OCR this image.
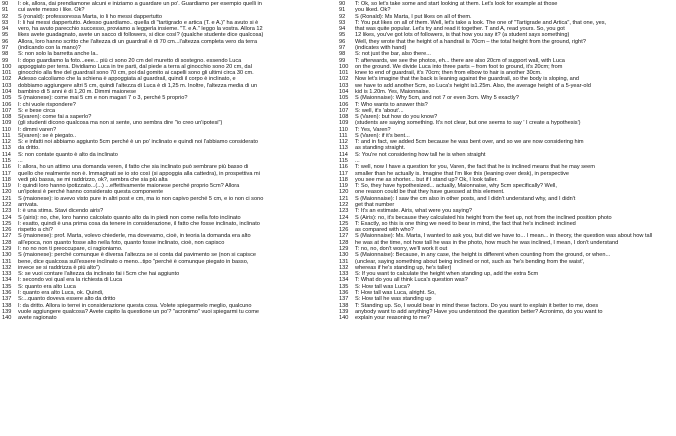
90	I: ok, allora, dai prendiamone alcuni e iniziamo a guardare un po'. Guardiamo per esempio quelli in
91	cui avete messo i like. Ok?
92	S (ronald): professoressa Marta, io li ho messi dappertutto
93	I: li hai messi dappertutto. Adesso guardiamo.. quella di "tartigrado e artica (T. e A.)" ha avuto si è
94	vero, ha avuto parecchio successo, proviamo a leggerla insieme. "T. e A." leggo la vostra. Allora 12
95	likes avete guadagnato, avete un sacco di followers, si dice così? (qualche studente dice qualcosa)
96	Allora, loro hanno scritto che l'altezza di un guardrail è di 70 cm...l'altezza completa vero da terra
97	(indicando con la mano)?
98	S: non solo la barretta anche la..
99	I: dopo guardiamo la foto...eee... più ci sono 20 cm del muretto di sostegno. essendo Luca
100	appoggiato per terra. Dividiamo Luca in tre parti, dal piede a terra al ginocchio sono 20 cm, dal
101	ginocchio alla fine del guardrail sono 70 cm, poi dal gomito ai capelli sono gli ultimi circa 30 cm.
102	Adesso calcoliamo che la schiena è appoggiata al guardrail, quindi il corpo è inclinato, e
103	dobbiamo aggiungere altri 5 cm, quindi l'altezza di Luca è di 1,25 m. Inoltre, l'altezza media di un
104	bambino di 5 anni è di 1,20 m. Dimmi maionese
105	S (maionese): come mai 5 cm e non magari 7 o 3, perché 5 proprio?
106	I: chi vuole rispondere?
107	S: e bese circa
108	S(varen): come fai a saperlo?
109	(gli studenti dicono qualcosa ma non si sente, uno sembra dire "io creo un'ipotesi")
110	I: dimmi varen?
111	S(varen): se è piegato..
112	S: e infatti noi abbiamo aggiunto 5cm perché è un po' inclinato e quindi noi l'abbiamo considerato
113	da dritto.
114	S: non contate quanto è alto da inclinato
115	...
116	I: allora, ho un attimo una domanda veren, il fatto che sia inclinato può sembrare più basso di
117	quello che realmente non è. Immaginati se io sto così (si appoggia alla cattedra), in prospettiva mi
118	vedi più bassa, se mi raddrizzo, ok?, sembra che sia più alta
119	I: quindi loro hanno ipotizzato...(...) ...effettivamente maionese perché proprio 5cm? Allora
120	un'ipotesi è perché hanno considerato questa componente
121	S (maionese): io avevo visto pure in altri post e cm, ma io non capivo perché 5 cm, e io non ci sono
122	arrivata.
123	I: è una stima. Stavi dicendo airis?
124	S (airis): no, che, loro hanno calcolato quanto alto da in piedi non come nella foto inclinato
125	I: esatto, quindi è una prima cosa da tenere in considerazione, il fatto che fosse inclinato, inclinato
126	rispetto a chi?
127	S (maionese): prof. Marta, volevo chiederle, ma dovevamo, cioè, in teoria la domanda era alto
128	all'epoca, non quanto fosse alto nella foto, quanto fosse inclinato, cioè, non capisco
129	I: no no non ti preoccupare, ci ragioniamo.
130	S (maionese): perché comunque è diversa l'altezza se si conta dal pavimento se (non si capisce
131	bene, dice qualcosa sull'essere inclinato o meno...tipo "perché è comunque piegato in basso,
132	invece se si raddrizza è più alto")
133	S: se vuoi contare l'altezza da inclinato fai i 5cm che hai aggiunto
134	I: secondo voi qual era la richiesta di Luca
135	S: quanto era alto Luca
136	I: quanto era alto Luca, ok. Quindi,
137	S:...quanto doveva essere alto da dritto
138	I: da dritto. Allora io terrei in considerazione questa cosa. Volete spiegarmelo meglio, qualcuno
139	vuole aggiungere qualcosa? Avete capito la questione un po'? "acronimo" vuoi spiegarmi tu come
140	avete ragionato
90	T: Ok, so let's take some and start looking at them. Let's look for example at those
91	you liked. Ok?
92	S (Ronald): Ms Marta, I put likes on all of them.
93	T: You put likes on all of them. Well, let's take a look. The one of "Tartigrade and Artica", that one, yes,
94	that was quite popular. Let's try and read it together. T and A, read yours. So, you got
95	12 likes, you've got lots of followers, is that how you say it? (a student says something)
96	Well, they wrote that the height of a handrail is 70cm – the total height from the ground, right?
97	(indicates with hand)
98	S: not just the bar, also there...
99	T: afterwards, we see the photos, eh... there are also 20cm of support wall, with Luca
100	on the ground. We divide Luca into three parts – from foot to ground, it's 20cm; from
101	knee to end of guardrail, it's 70cm; then from elbow to hair is another 30cm.
102	Now let's imagine that the back is leaning against the guardrail, so the body is sloping, and
103	we have to add another 5cm, so Luca's height is1.25m. Also, the average height of a 5-year-old
104	kid is 1.20m. Yes, Maionnaise.
105	S (Maionnaise): Why 5cm, and not 7 or even 3cm. Why 5 exactly?
106	T: Who wants to answer this?
107	S: well, it's 'about'...
108	S (Varen): but how do you know?
109	(students are saying something. It's not clear, but one seems to say ' I create a hypothesis')
110	T: Yes, Varen?
111	S (Varen): if it's bent...
112	T: and in fact, we added 5cm because he was bent over, and so we are now considering him
113	as standing straight.
114	S: You're not considering how tall he is when straight
115	...
116	T: well, now I have a question for you, Varen, the fact that he is inclined means that he may seem
117	smaller than he actually is. Imagine that I'm like this (leaning over desk), in perspective
118	you see me as shorter... but if I stand up? Ok, I look taller.
119	T: So, they have hypothesized... actually, Maionnaise, why 5cm specifically? Well,
120	one reason could be that they have guessed at this element.
121	S (Maionnaise): I saw the cm also in other posts, and I didn't understand why, and I didn't
122	get that number
123	T: It's an estimate. Airis, what were you saying?
124	S (Airis): no, it's because they calculated his height from the feet up, not from the inclined position photo
125	T: Exactly, so this is one thing we need to bear in mind, the fact that he's inclined: inclined
126	as compared with who?
127	S (Maionnaise): Ms. Marta, I wanted to ask you, but did we have to... I mean... in theory, the question was about how tall
128	he was at the time, not how tall he was in the photo, how much he was inclined, I mean, I don't understand
129	T: no, no, don't worry, we'll work it out
130	S (Maionnaise): Because, in any case, the height is different when counting from the ground, or when...
131	(unclear, saying something about being inclined or not, such as 'he's bending from the waist',
132	whereas if he's standing up, he's taller)
133	S: If you want to calculate the height when standing up, add the extra 5cm
134	T: What do you all think Luca's question was?
135	S: How tall was Luca?
136	T: How tall was Luca, alright. So,
137	S: How tall he was standing up
138	T: Standing up. So, I would bear in mind these factors. Do you want to explain it better to me, does
139	anybody want to add anything? Have you understood the question better? Acronimo, do you want to
140	explain your reasoning to me?
